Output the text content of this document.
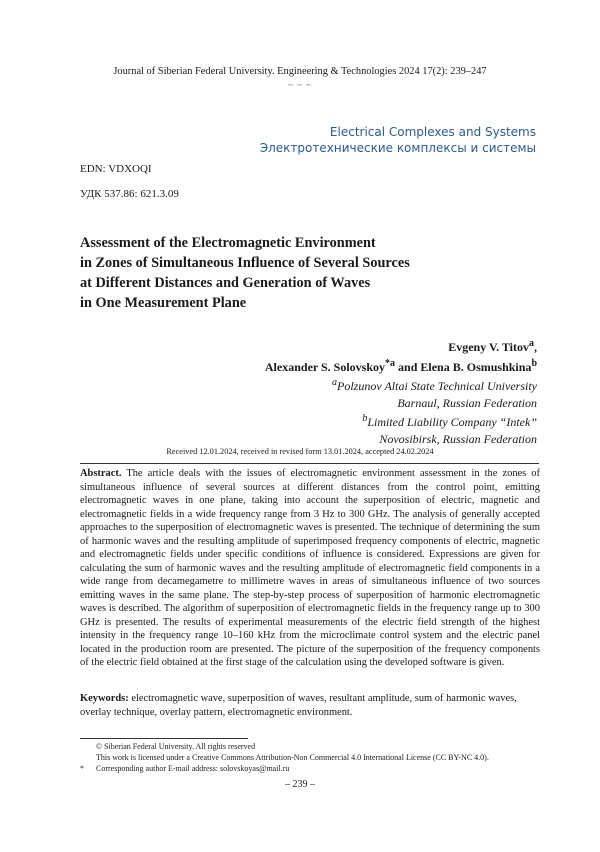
Journal of Siberian Federal University. Engineering & Technologies 2024 17(2): 239–247
~ ~ ~
Electrical Complexes and Systems
Электротехнические комплексы и системы
EDN: VDXOQI
УДК 537.86: 621.3.09
Assessment of the Electromagnetic Environment
in Zones of Simultaneous Influence of Several Sources
at Different Distances and Generation of Waves
in One Measurement Plane
Evgeny V. Titov$^a$,
Alexander S. Solovskoy$^{*a}$ and Elena B. Osmushkina$^b$
$^a$Polzunov Altai State Technical University
Barnaul, Russian Federation
$^b$Limited Liability Company “Intek”
Novosibirsk, Russian Federation
Received 12.01.2024, received in revised form 13.01.2024, accepted 24.02.2024

Abstract. The article deals with the issues of electromagnetic environment assessment in the zones of simultaneous influence of several sources at different distances from the control point, emitting electromagnetic waves in one plane, taking into account the superposition of electric, magnetic and electromagnetic fields in a wide frequency range from 3 Hz to 300 GHz. The analysis of generally accepted approaches to the superposition of electromagnetic waves is presented. The technique of determining the sum of harmonic waves and the resulting amplitude of superimposed frequency components of electric, magnetic and electromagnetic fields under specific conditions of influence is considered. Expressions are given for calculating the sum of harmonic waves and the resulting amplitude of electromagnetic field components in a wide range from decamegametre to millimetre waves in areas of simultaneous influence of two sources emitting waves in the same plane. The step-by-step process of superposition of harmonic electromagnetic waves is described. The algorithm of superposition of electromagnetic fields in the frequency range up to 300 GHz is presented. The results of experimental measurements of the electric field strength of the highest intensity in the frequency range 10–160 kHz from the microclimate control system and the electric panel located in the production room are presented. The picture of the superposition of the frequency components of the electric field obtained at the first stage of the calculation using the developed software is given.

Keywords: electromagnetic wave, superposition of waves, resultant amplitude, sum of harmonic waves, overlay technique, overlay pattern, electromagnetic environment.

© Siberian Federal University. All rights reserved
This work is licensed under a Creative Commons Attribution-Non Commercial 4.0 International License (CC BY-NC 4.0).
* Corresponding author E-mail address: solovskoyas@mail.ru
– 239 –
